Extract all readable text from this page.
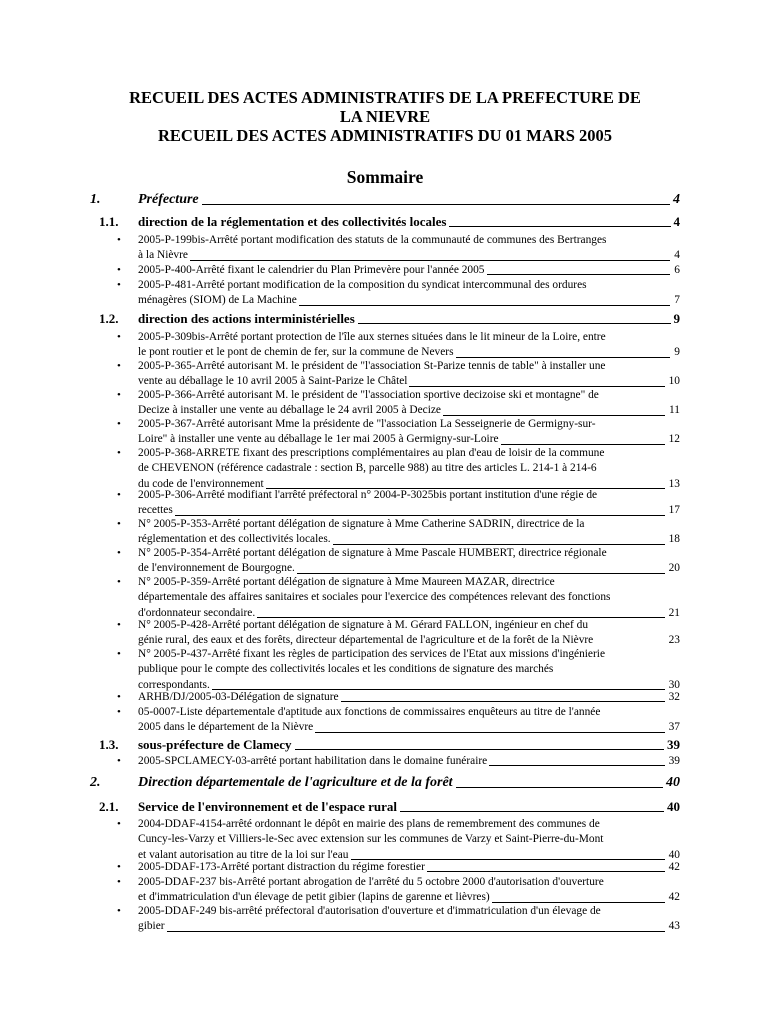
RECUEIL DES ACTES ADMINISTRATIFS DE LA PREFECTURE DE
LA NIEVRE
RECUEIL DES ACTES ADMINISTRATIFS DU 01 MARS 2005
Sommaire
1.	Préfecture	4
1.1. direction de la réglementation et des collectivités locales	4
• 2005-P-199bis-Arrêté portant modification des statuts de la communauté de communes des Bertranges
à la Nièvre	4
• 2005-P-400-Arrêté fixant le calendrier du Plan Primevère pour l'année 2005	6
• 2005-P-481-Arrêté portant modification de la composition du syndicat intercommunal des ordures
ménagères (SIOM) de La Machine	7
1.2. direction des actions interministérielles	9
• 2005-P-309bis-Arrêté portant protection de l'île aux sternes situées dans le lit mineur de la Loire, entre
le pont routier et le pont de chemin de fer, sur la commune de Nevers	9
• 2005-P-365-Arrêté autorisant M. le président de "l'association St-Parize tennis de table" à installer une
vente au déballage le 10 avril 2005 à Saint-Parize le Châtel	10
• 2005-P-366-Arrêté autorisant M. le président de "l'association sportive decizoise ski et montagne" de
Decize à installer une vente au déballage le 24 avril 2005 à Decize	11
• 2005-P-367-Arrêté autorisant Mme la présidente de "l'association La Sesseignerie de Germigny-sur-
Loire" à installer une vente au déballage le 1er mai 2005 à Germigny-sur-Loire	12
• 2005-P-368-ARRETE fixant des prescriptions complémentaires au plan d'eau de loisir de la commune
de CHEVENON (référence cadastrale : section B, parcelle 988) au titre des articles L. 214-1 à 214-6
du code de l'environnement	13
• 2005-P-306-Arrêté modifiant l'arrêté préfectoral n° 2004-P-3025bis portant institution d'une régie de
recettes	17
• N° 2005-P-353-Arrêté portant délégation de signature à Mme Catherine SADRIN, directrice de la
réglementation et des collectivités locales.	18
• N° 2005-P-354-Arrêté portant délégation de signature à Mme Pascale HUMBERT, directrice régionale
de l'environnement de Bourgogne.	20
• N° 2005-P-359-Arrêté portant délégation de signature à Mme Maureen MAZAR, directrice
départementale des affaires sanitaires et sociales pour l'exercice des compétences relevant des fonctions
d'ordonnateur secondaire.	21
• N° 2005-P-428-Arrêté portant délégation de signature à M. Gérard FALLON, ingénieur en chef du
génie rural, des eaux et des forêts, directeur départemental de l'agriculture et de la forêt de la Nièvre	23
• N° 2005-P-437-Arrêté fixant les règles de participation des services de l'Etat aux missions d'ingénierie
publique pour le compte des collectivités locales et les conditions de signature des marchés
correspondants.	30
• ARHB/DJ/2005-03-Délégation de signature	32
• 05-0007-Liste départementale d'aptitude aux fonctions de commissaires enquêteurs au titre de l'année
2005 dans le département de la Nièvre	37
1.3. sous-préfecture de Clamecy	39
• 2005-SPCLAMECY-03-arrêté portant habilitation dans le domaine funéraire	39
2.	Direction départementale de l'agriculture et de la forêt	40
2.1. Service de l'environnement et de l'espace rural	40
• 2004-DDAF-4154-arrêté ordonnant le dépôt en mairie des plans de remembrement des communes de
Cuncy-les-Varzy et Villiers-le-Sec avec extension sur les communes de Varzy et Saint-Pierre-du-Mont
et valant autorisation au titre de la loi sur l'eau	40
• 2005-DDAF-173-Arrêté portant distraction du régime forestier	42
• 2005-DDAF-237 bis-Arrêté portant abrogation de l'arrêté du 5 octobre 2000 d'autorisation d'ouverture
et d'immatriculation d'un élevage de petit gibier (lapins de garenne et lièvres)	42
• 2005-DDAF-249 bis-arrêté préfectoral d'autorisation d'ouverture et d'immatriculation d'un élevage de
gibier	43
